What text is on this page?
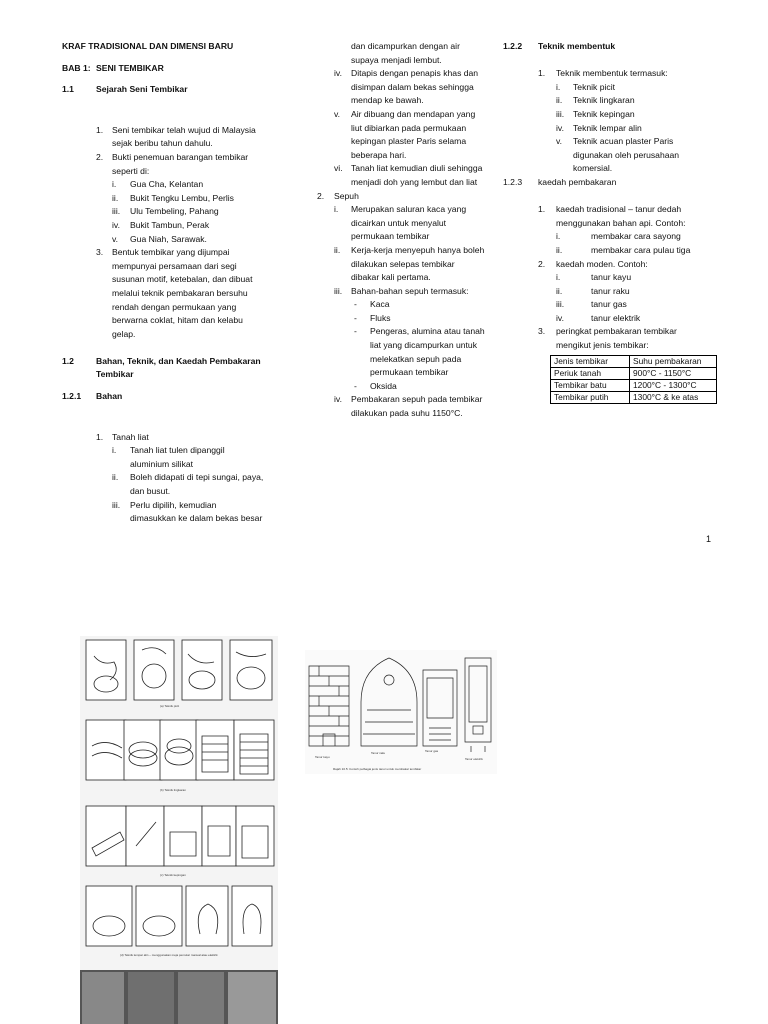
KRAF TRADISIONAL DAN DIMENSI BARU
BAB 1: SENI TEMBIKAR
1.1	Sejarah Seni Tembikar
1. Seni tembikar telah wujud di Malaysia
sejak beribu tahun dahulu.
2. Bukti penemuan barangan tembikar
seperti di:
i. Gua Cha, Kelantan
ii. Bukit Tengku Lembu, Perlis
iii. Ulu Tembeling, Pahang
iv. Bukit Tambun, Perak
v. Gua Niah, Sarawak.
3. Bentuk tembikar yang dijumpai
mempunyai persamaan dari segi
susunan motif, ketebalan, dan dibuat
melalui teknik pembakaran bersuhu
rendah dengan permukaan yang
berwarna coklat, hitam dan kelabu
gelap.
1.2	Bahan, Teknik, dan Kaedah Pembakaran
Tembikar
1.2.1 Bahan
1. Tanah liat
i. Tanah liat tulen dipanggil
aluminium silikat
ii. Boleh didapati di tepi sungai, paya,
dan busut.
iii. Perlu dipilih, kemudian
dimasukkan ke dalam bekas besar
dan dicampurkan dengan air
supaya menjadi lembut.
iv. Ditapis dengan penapis khas dan
disimpan dalam bekas sehingga
mendap ke bawah.
v. Air dibuang dan mendapan yang
liut dibiarkan pada permukaan
kepingan plaster Paris selama
beberapa hari.
vi. Tanah liat kemudian diuli sehingga
menjadi doh yang lembut dan liat
2. Sepuh
i. Merupakan saluran kaca yang
dicairkan untuk menyalut
permukaan tembikar
ii. Kerja-kerja menyepuh hanya boleh
dilakukan selepas tembikar
dibakar kali pertama.
iii. Bahan-bahan sepuh termasuk:
- Kaca
- Fluks
- Pengeras, alumina atau tanah
liat yang dicampurkan untuk
melekatkan sepuh pada
permukaan tembikar
- Oksida
iv. Pembakaran sepuh pada tembikar
dilakukan pada suhu 1150°C.
1.2.2 Teknik membentuk
1. Teknik membentuk termasuk:
i. Teknik picit
ii. Teknik lingkaran
iii. Teknik kepingan
iv. Teknik lempar alin
v. Teknik acuan plaster Paris
digunakan oleh perusahaan
komersial.
1.2.3 kaedah pembakaran
1. kaedah tradisional – tanur dedah
menggunakan bahan api. Contoh:
i.	membakar cara sayong
ii.	membakar cara pulau tiga
2. kaedah moden. Contoh:
i.	tanur kayu
ii.	tanur raku
iii.	tanur gas
iv.	tanur elektrik
3. peringkat pembakaran tembikar
mengikut jenis tembikar:
Jenis tembikar	Suhu pembakaran
Periuk tanah	900°C - 1150°C
Tembikar batu	1200°C - 1300°C
Tembikar putih	1300°C & ke atas
1
(a) Teknik picit
(b) Teknik lingkaran
(c) Teknik kepingan
(d) Teknik lempar alin – menggunakan meja pemutar manual atau elektrik
Tanur kayu
Tanur raku	Tanur gas
Tanur elektrik
Rajah 10.5: Contoh pelbagai jenis tanur untuk membakar tembikar
